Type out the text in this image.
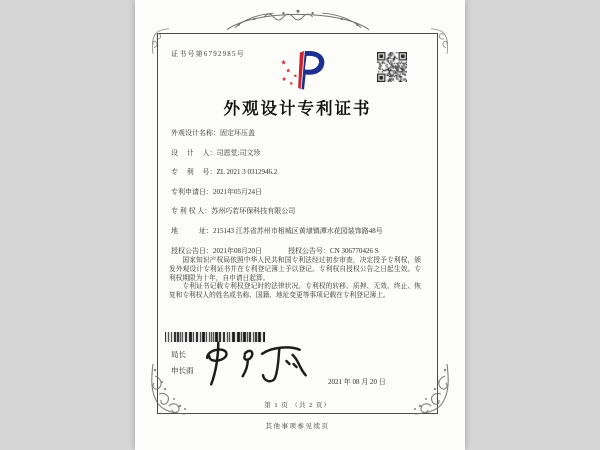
证书号第6792985号
★
★
★
★
★
外观设计专利证书
外观设计名称： 固定环压盖
设　 计　 人： 司恩堂;司文珍
专　 利　 号： ZL 2021 3 0312946.2
专利申请日： 2021年05月24日
专 利 权 人： 苏州巧若环保科技有限公司
地　　　址： 215143 江苏省苏州市相城区黄埭镇潭水花园装饰路48号
授权公告日： 2021年08月20日	授权公告号： CN 306770426 S

国家知识产权局依照中华人民共和国专利法经过初步审查，决定授予专利权，颁发外观设计专利证书并在专利登记簿上予以登记。专利权自授权公告之日起生效。专利权期限为十年，自申请日起算。

专利证书记载专利权登记时的法律状况。专利权的转移、质押、无效、终止、恢复和专利权人的姓名或名称、国籍、地址变更等事项记载在专利登记簿上。

局长
申长雨
2021 年 08 月 20 日
第 1 页 （共 2 页）
其他事项参见续页
